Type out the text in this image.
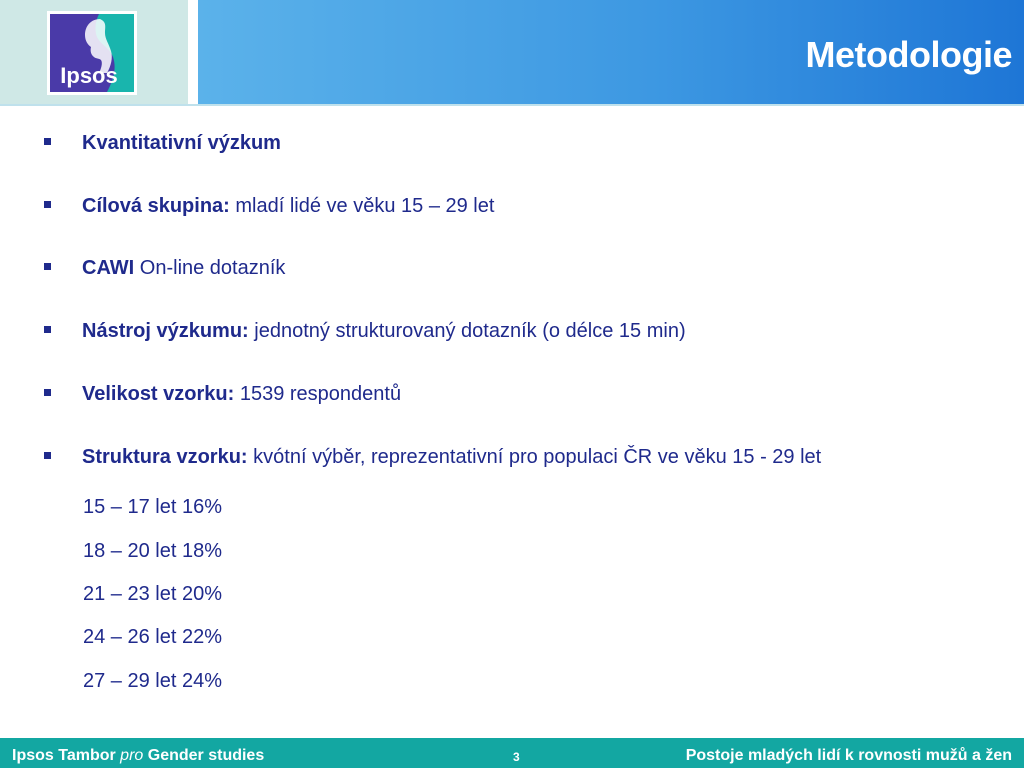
Ipsos
Metodologie
Kvantitativní výzkum
Cílová skupina: mladí lidé ve věku 15 – 29 let
CAWI On-line dotazník
Nástroj výzkumu: jednotný strukturovaný dotazník (o délce 15 min)
Velikost vzorku: 1539 respondentů
Struktura vzorku: kvótní výběr, reprezentativní pro populaci ČR ve věku 15 - 29 let
15 – 17 let 16%
18 – 20 let 18%
21 – 23 let 20%
24 – 26 let 22%
27 – 29 let 24%
Ipsos Tambor pro Gender studies	3	Postoje mladých lidí k rovnosti mužů a žen
